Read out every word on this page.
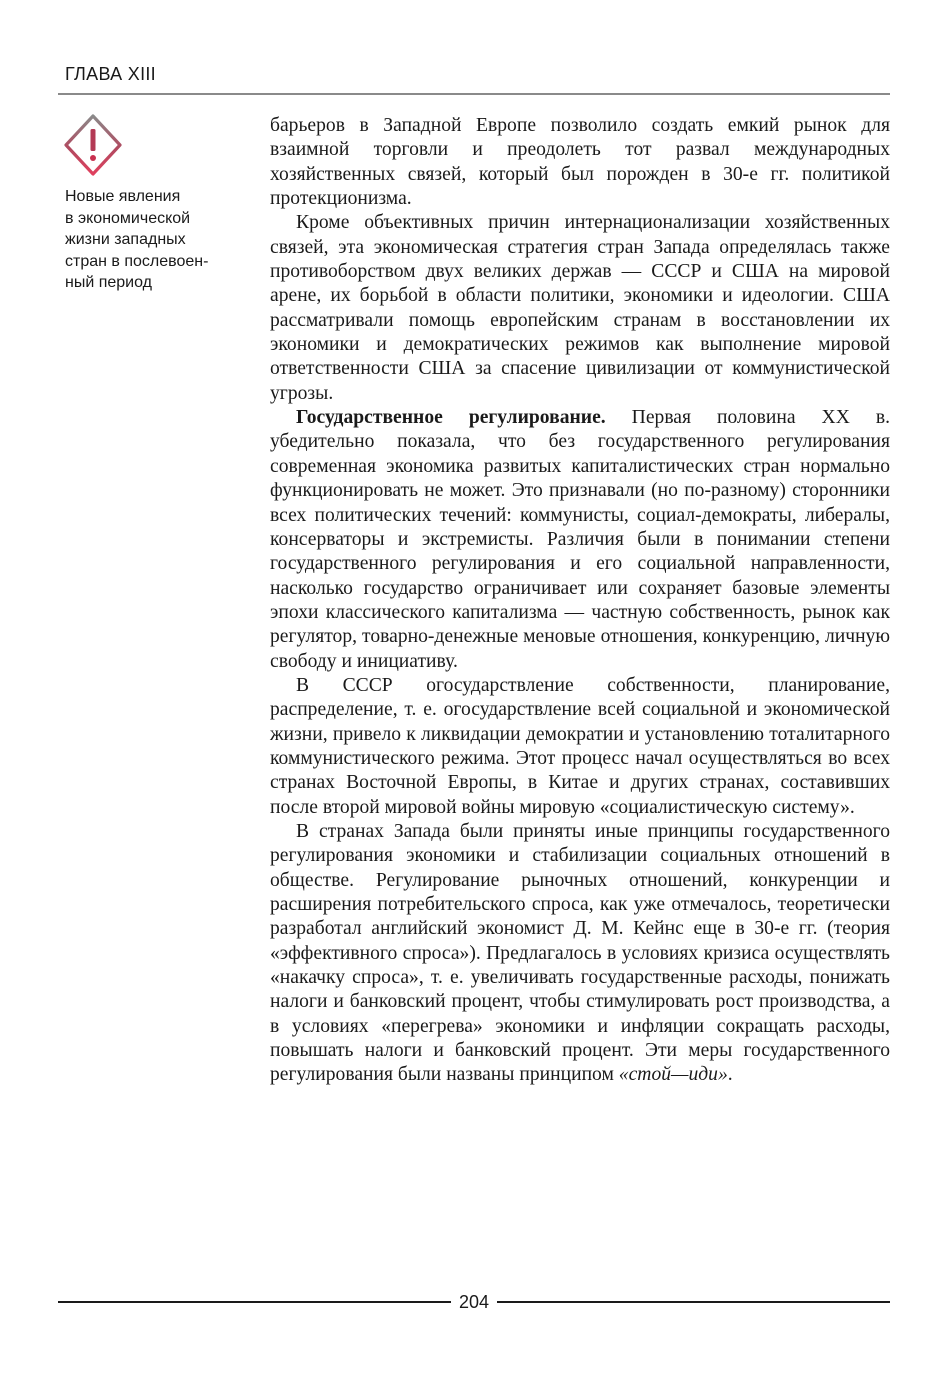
ГЛАВА XIII
Новые явления
в экономической
жизни западных
стран в послевоен-
ный период

барьеров в Западной Европе позволило создать емкий рынок для взаимной торговли и преодолеть тот развал международных хозяйственных связей, который был порожден в 30-е гг. политикой протекционизма.

Кроме объективных причин интернационализации хозяйственных связей, эта экономическая стратегия стран Запада определялась также противоборством двух великих держав — СССР и США на мировой арене, их борьбой в области политики, экономики и идеологии. США рассматривали помощь европейским странам в восстановлении их экономики и демократических режимов как выполнение мировой ответственности США за спасение цивилизации от коммунистической угрозы.

Государственное регулирование. Первая половина XX в. убедительно показала, что без государственного регулирования современная экономика развитых капиталистических стран нормально функционировать не может. Это признавали (но по-разному) сторонники всех политических течений: коммунисты, социал-демократы, либералы, консерваторы и экстремисты. Различия были в понимании степени государственного регулирования и его социальной направленности, насколько государство ограничивает или сохраняет базовые элементы эпохи классического капитализма — частную собственность, рынок как регулятор, товарно-денежные меновые отношения, конкуренцию, личную свободу и инициативу.

В СССР огосударствление собственности, планирование, распределение, т. е. огосударствление всей социальной и экономической жизни, привело к ликвидации демократии и установлению тоталитарного коммунистического режима. Этот процесс начал осуществляться во всех странах Восточной Европы, в Китае и других странах, составивших после второй мировой войны мировую «социалистическую систему».

В странах Запада были приняты иные принципы государственного регулирования экономики и стабилизации социальных отношений в обществе. Регулирование рыночных отношений, конкуренции и расширения потребительского спроса, как уже отмечалось, теоретически разработал английский экономист Д. М. Кейнс еще в 30-е гг. (теория «эффективного спроса»). Предлагалось в условиях кризиса осуществлять «накачку спроса», т. е. увеличивать государственные расходы, понижать налоги и банковский процент, чтобы стимулировать рост производства, а в условиях «перегрева» экономики и инфляции сокращать расходы, повышать налоги и банковский процент. Эти меры государственного регулирования были названы принципом «стой—иди».

204
